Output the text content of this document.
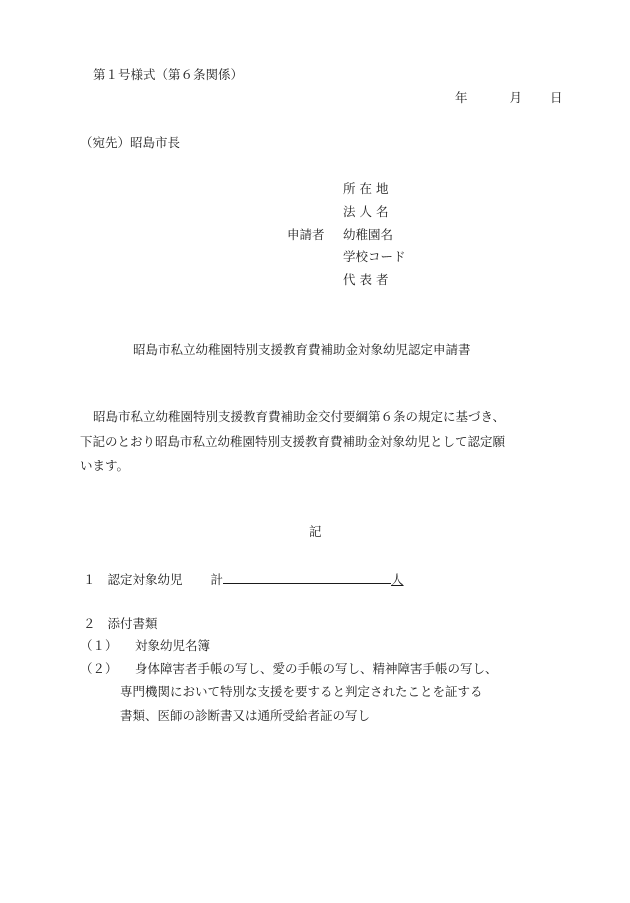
第１号様式（第６条関係）
年	月 日
（宛先）昭島市長
所 在 地
法 人 名
申請者 幼稚園名
学校コード
代 表 者
昭島市私立幼稚園特別支援教育費補助金対象幼児認定申請書
昭島市私立幼稚園特別支援教育費補助金交付要綱第６条の規定に基づき、
下記のとおり昭島市私立幼稚園特別支援教育費補助金対象幼児として認定願
います。
記
１ 認定対象幼児 計	人
２ 添付書類
（１） 対象幼児名簿
（２） 身体障害者手帳の写し、愛の手帳の写し、精神障害手帳の写し、
専門機関において特別な支援を要すると判定されたことを証する
書類、医師の診断書又は通所受給者証の写し
